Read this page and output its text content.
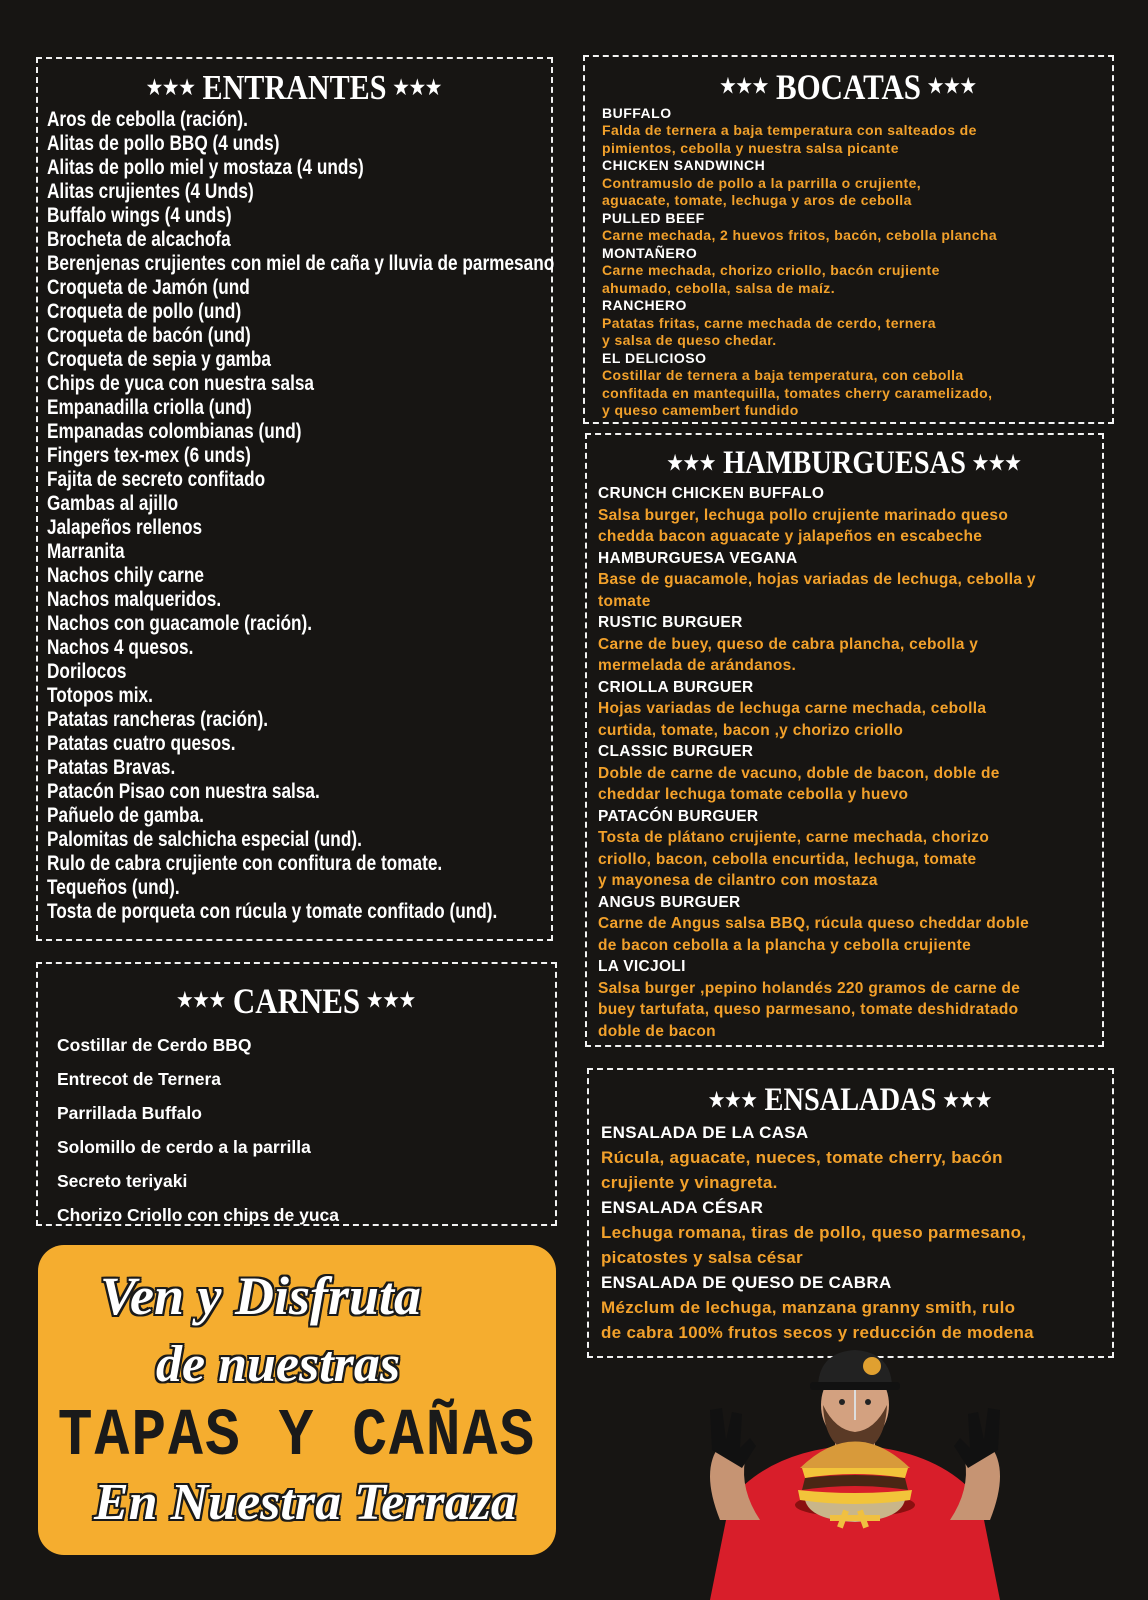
★★★ ENTRANTES ★★★
Aros de cebolla (ración).
Alitas de pollo BBQ (4 unds)
Alitas de pollo miel y mostaza (4 unds)
Alitas crujientes (4 Unds)
Buffalo wings (4 unds)
Brocheta de alcachofa
Berenjenas crujientes con miel de caña y lluvia de parmesano
Croqueta de Jamón (und
Croqueta de pollo (und)
Croqueta de bacón (und)
Croqueta de sepia y gamba
Chips de yuca con nuestra salsa
Empanadilla criolla (und)
Empanadas colombianas (und)
Fingers tex-mex (6 unds)
Fajita de secreto confitado
Gambas al ajillo
Jalapeños rellenos
Marranita
Nachos chily carne
Nachos malqueridos.
Nachos con guacamole (ración).
Nachos 4 quesos.
Dorilocos
Totopos mix.
Patatas rancheras (ración).
Patatas cuatro quesos.
Patatas Bravas.
Patacón Pisao con nuestra salsa.
Pañuelo de gamba.
Palomitas de salchicha especial (und).
Rulo de cabra crujiente con confitura de tomate.
Tequeños (und).
Tosta de porqueta con rúcula y tomate confitado (und).
★★★ CARNES ★★★
Costillar de Cerdo BBQ
Entrecot de Ternera
Parrillada Buffalo
Solomillo de cerdo a la parrilla
Secreto teriyaki
Chorizo Criollo con chips de yuca
Ven y Disfruta
de nuestras
TAPAS Y CAÑAS
En Nuestra Terraza
★★★ BOCATAS ★★★
BUFFALO
Falda de ternera a baja temperatura con salteados de
pimientos, cebolla y nuestra salsa picante
CHICKEN SANDWINCH
Contramuslo de pollo a la parrilla o crujiente,
aguacate, tomate, lechuga y aros de cebolla
PULLED BEEF
Carne mechada, 2 huevos fritos, bacón, cebolla plancha
MONTAÑERO
Carne mechada, chorizo criollo, bacón crujiente
ahumado, cebolla, salsa de maíz.
RANCHERO
Patatas fritas, carne mechada de cerdo, ternera
y salsa de queso chedar.
EL DELICIOSO
Costillar de ternera a baja temperatura, con cebolla
confitada en mantequilla, tomates cherry caramelizado,
y queso camembert fundido
★★★ HAMBURGUESAS ★★★
CRUNCH CHICKEN BUFFALO
Salsa burger, lechuga pollo crujiente marinado queso
chedda bacon aguacate y jalapeños en escabeche
HAMBURGUESA VEGANA
Base de guacamole, hojas variadas de lechuga, cebolla y
tomate
RUSTIC BURGUER
Carne de buey, queso de cabra plancha, cebolla y
mermelada de arándanos.
CRIOLLA BURGUER
Hojas variadas de lechuga carne mechada, cebolla
curtida, tomate, bacon ,y chorizo criollo
CLASSIC BURGUER
Doble de carne de vacuno, doble de bacon, doble de
cheddar lechuga tomate cebolla y huevo
PATACÓN BURGUER
Tosta de plátano crujiente, carne mechada, chorizo
criollo, bacon, cebolla encurtida, lechuga, tomate
y mayonesa de cilantro con mostaza
ANGUS BURGUER
Carne de Angus salsa BBQ, rúcula queso cheddar doble
de bacon cebolla a la plancha y cebolla crujiente
LA VICJOLI
Salsa burger ,pepino holandés 220 gramos de carne de
buey tartufata, queso parmesano, tomate deshidratado
doble de bacon
★★★ ENSALADAS ★★★
ENSALADA DE LA CASA
Rúcula, aguacate, nueces, tomate cherry, bacón
crujiente y vinagreta.
ENSALADA CÉSAR
Lechuga romana, tiras de pollo, queso parmesano,
picatostes y salsa césar
ENSALADA DE QUESO DE CABRA
Mézclum de lechuga, manzana granny smith, rulo
de cabra 100% frutos secos y reducción de modena
